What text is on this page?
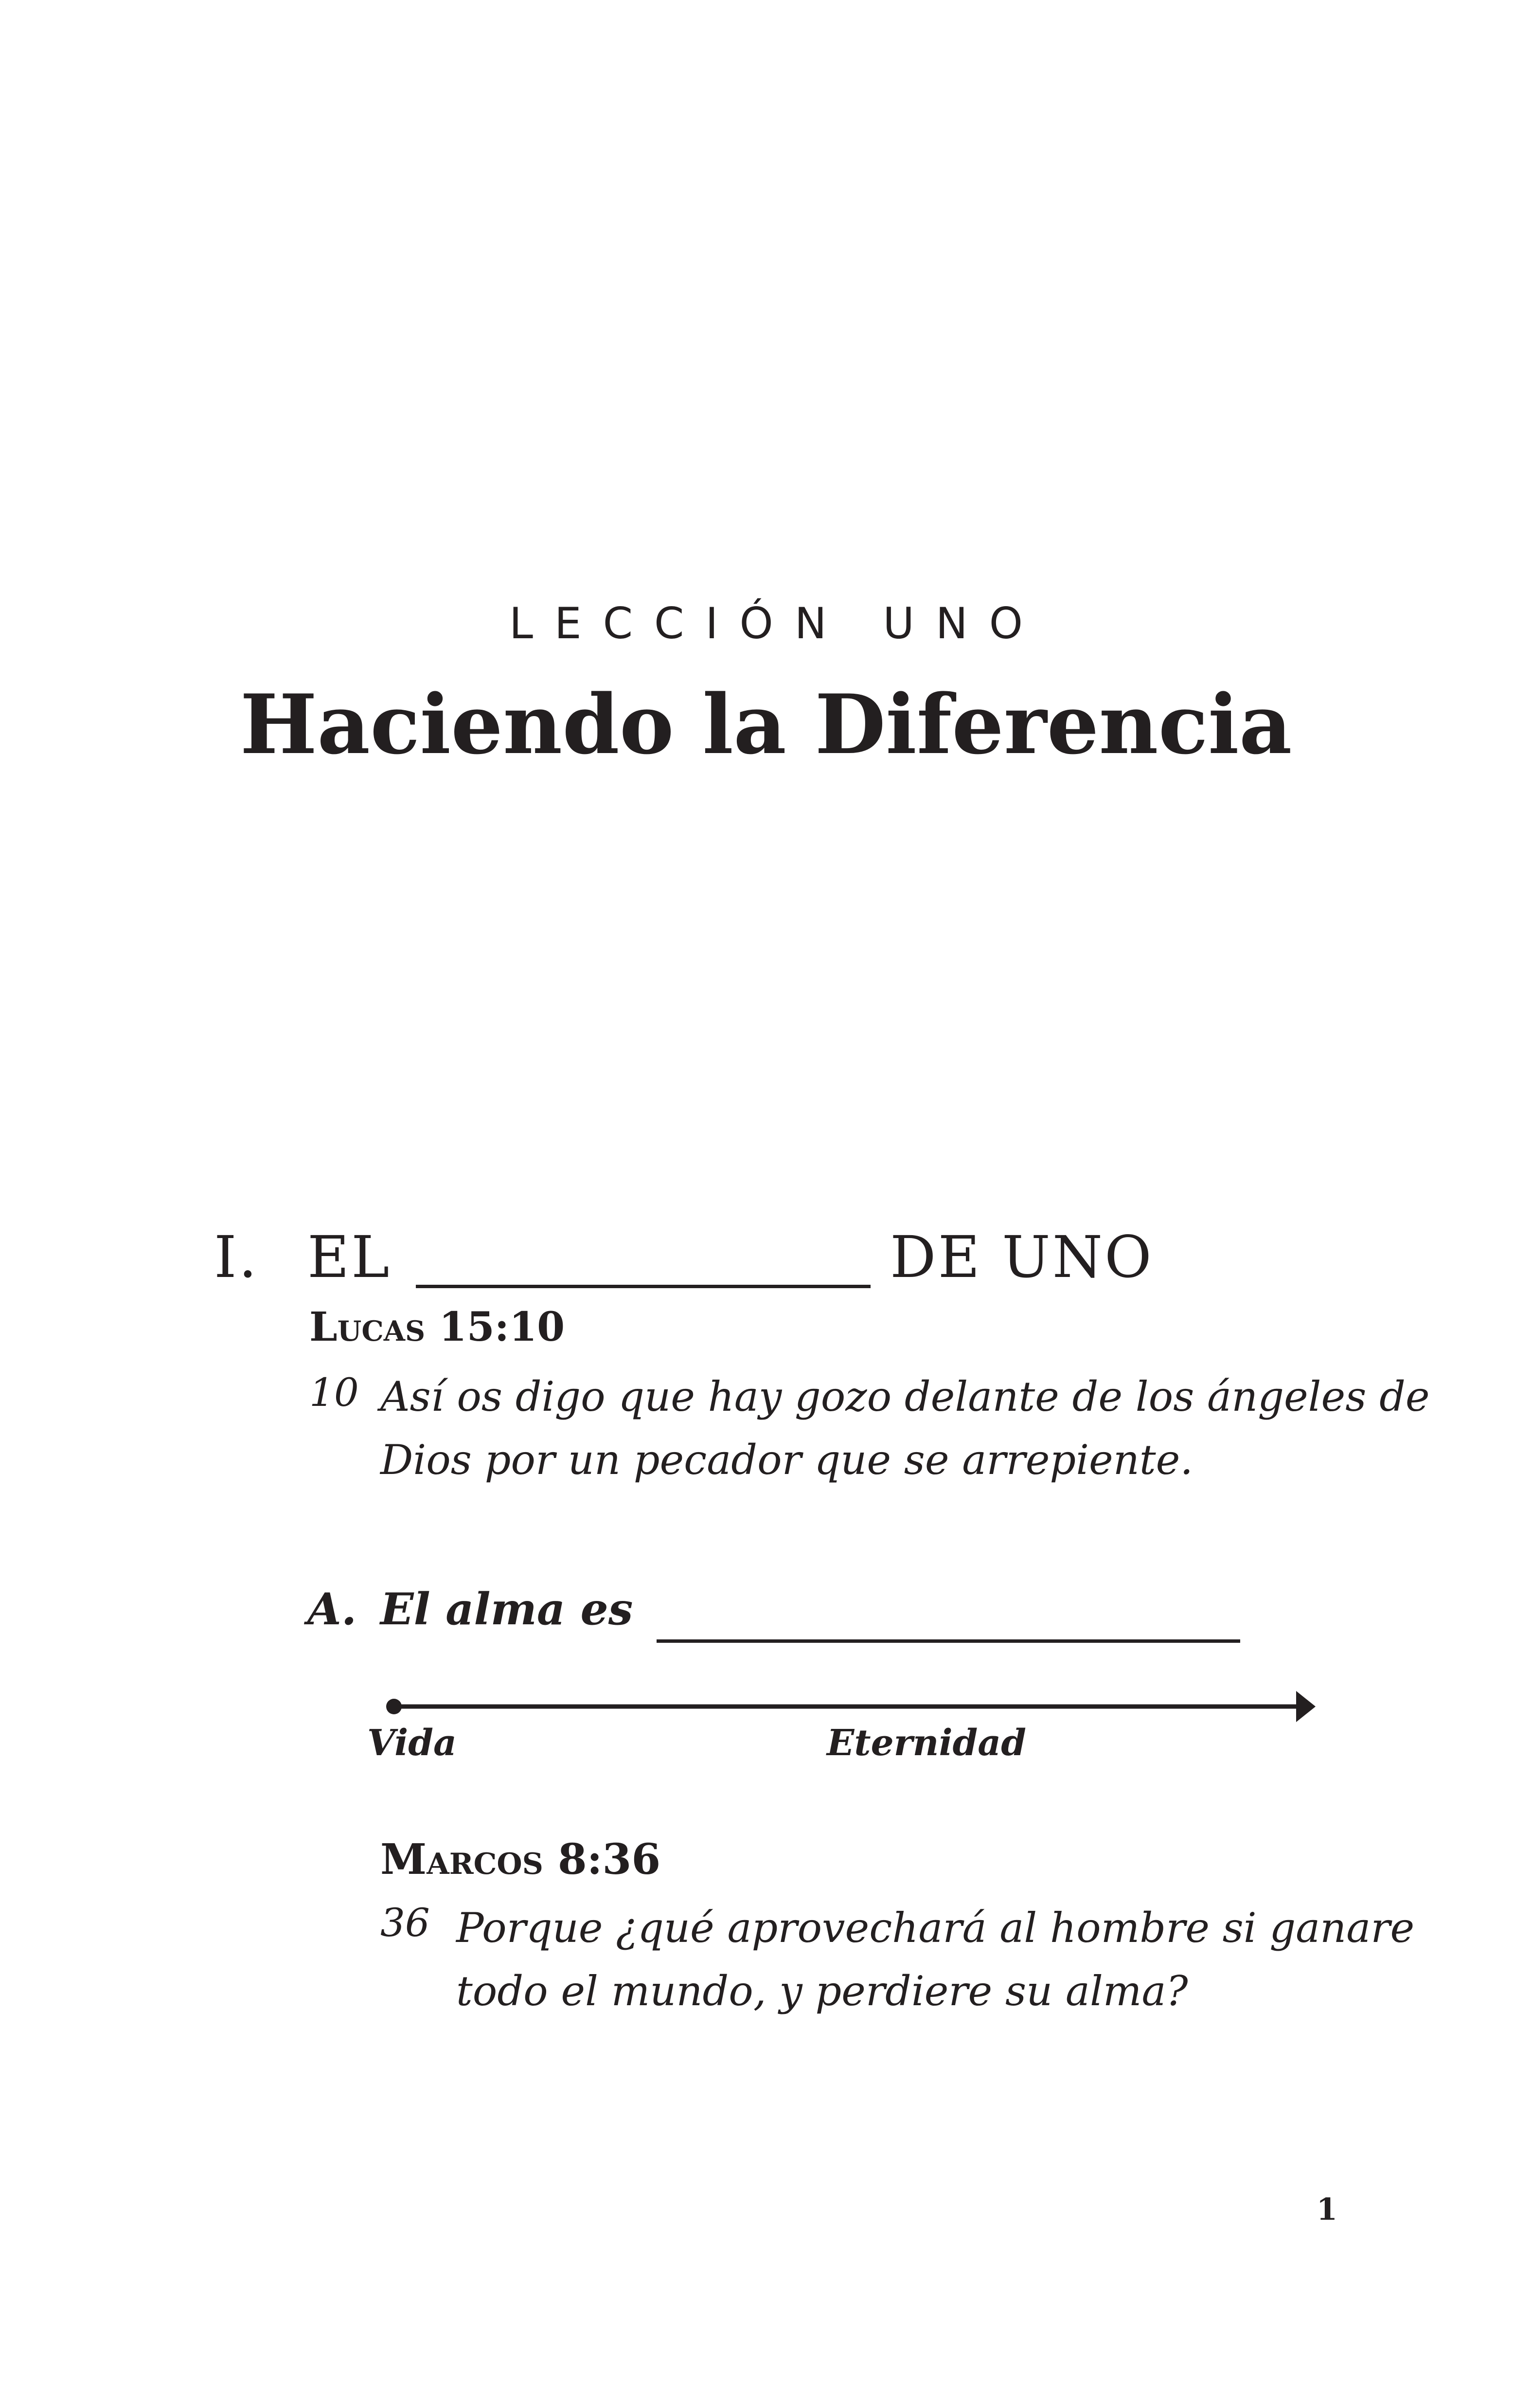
LECCIÓN UNO
Haciendo la Diferencia
I. EL	DE UNO
Lucas 15:10
10 Así os digo que hay gozo delante de los ángeles de
Dios por un pecador que se arrepiente.
A. El alma es
Vida	Eternidad
Marcos 8:36
36 Porque ¿qué aprovechará al hombre si ganare
todo el mundo, y perdiere su alma?
1
